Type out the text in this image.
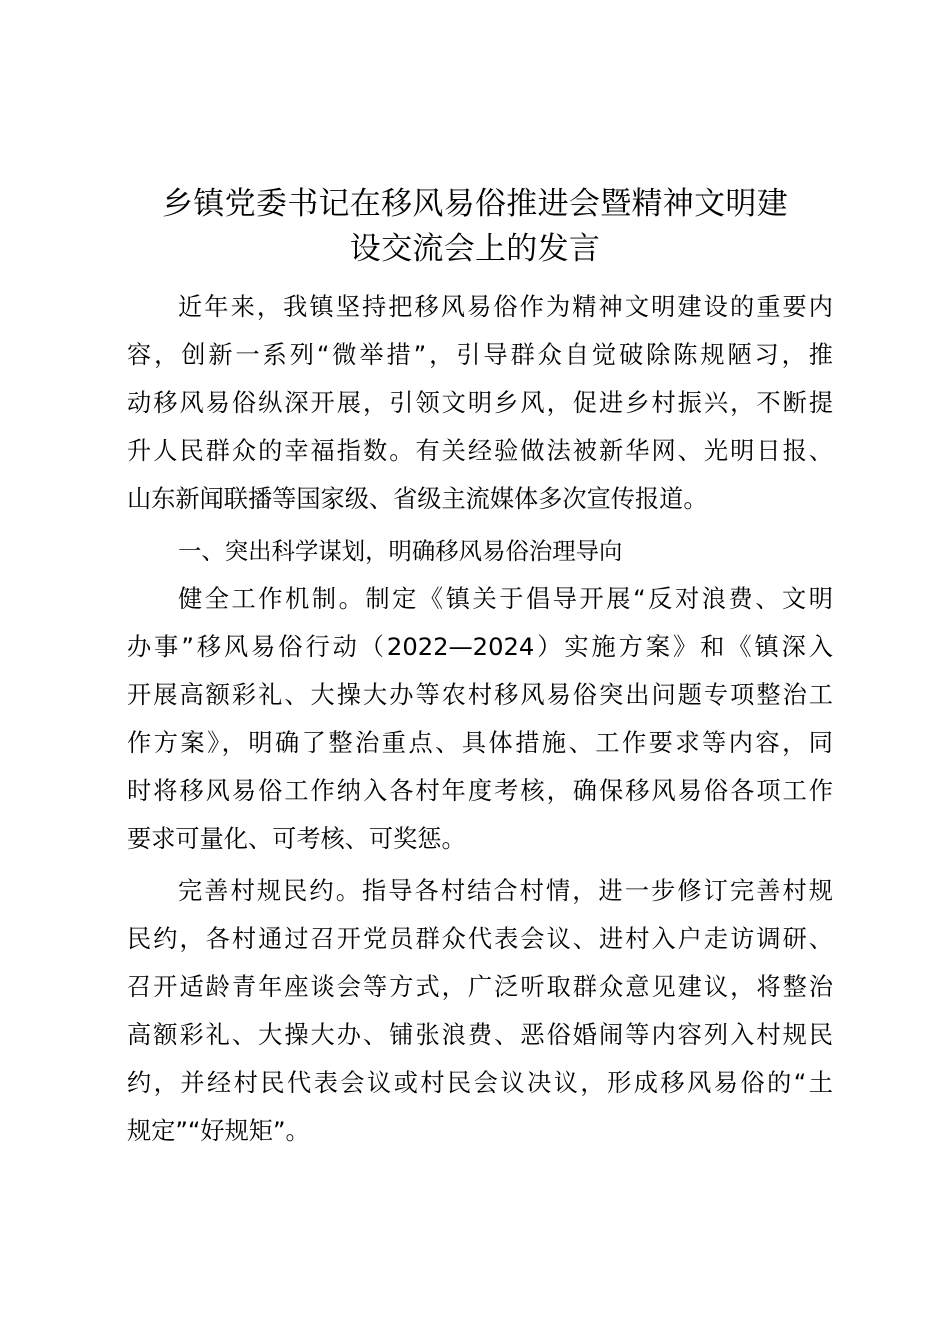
乡镇党委书记在移风易俗推进会暨精神文明建
设交流会上的发言
近年来，我镇坚持把移风易俗作为精神文明建设的重要内
容，创新一系列“微举措”，引导群众自觉破除陈规陋习，推
动移风易俗纵深开展，引领文明乡风，促进乡村振兴，不断提
升人民群众的幸福指数。有关经验做法被新华网、光明日报、
山东新闻联播等国家级、省级主流媒体多次宣传报道。
一、突出科学谋划，明确移风易俗治理导向
健全工作机制。制定《镇关于倡导开展“反对浪费、文明
办事”移风易俗行动（2022—2024）实施方案》和《镇深入
开展高额彩礼、大操大办等农村移风易俗突出问题专项整治工
作方案》，明确了整治重点、具体措施、工作要求等内容，同
时将移风易俗工作纳入各村年度考核，确保移风易俗各项工作
要求可量化、可考核、可奖惩。
完善村规民约。指导各村结合村情，进一步修订完善村规
民约，各村通过召开党员群众代表会议、进村入户走访调研、
召开适龄青年座谈会等方式，广泛听取群众意见建议，将整治
高额彩礼、大操大办、铺张浪费、恶俗婚闹等内容列入村规民
约，并经村民代表会议或村民会议决议，形成移风易俗的“土
规定”“好规矩”。
